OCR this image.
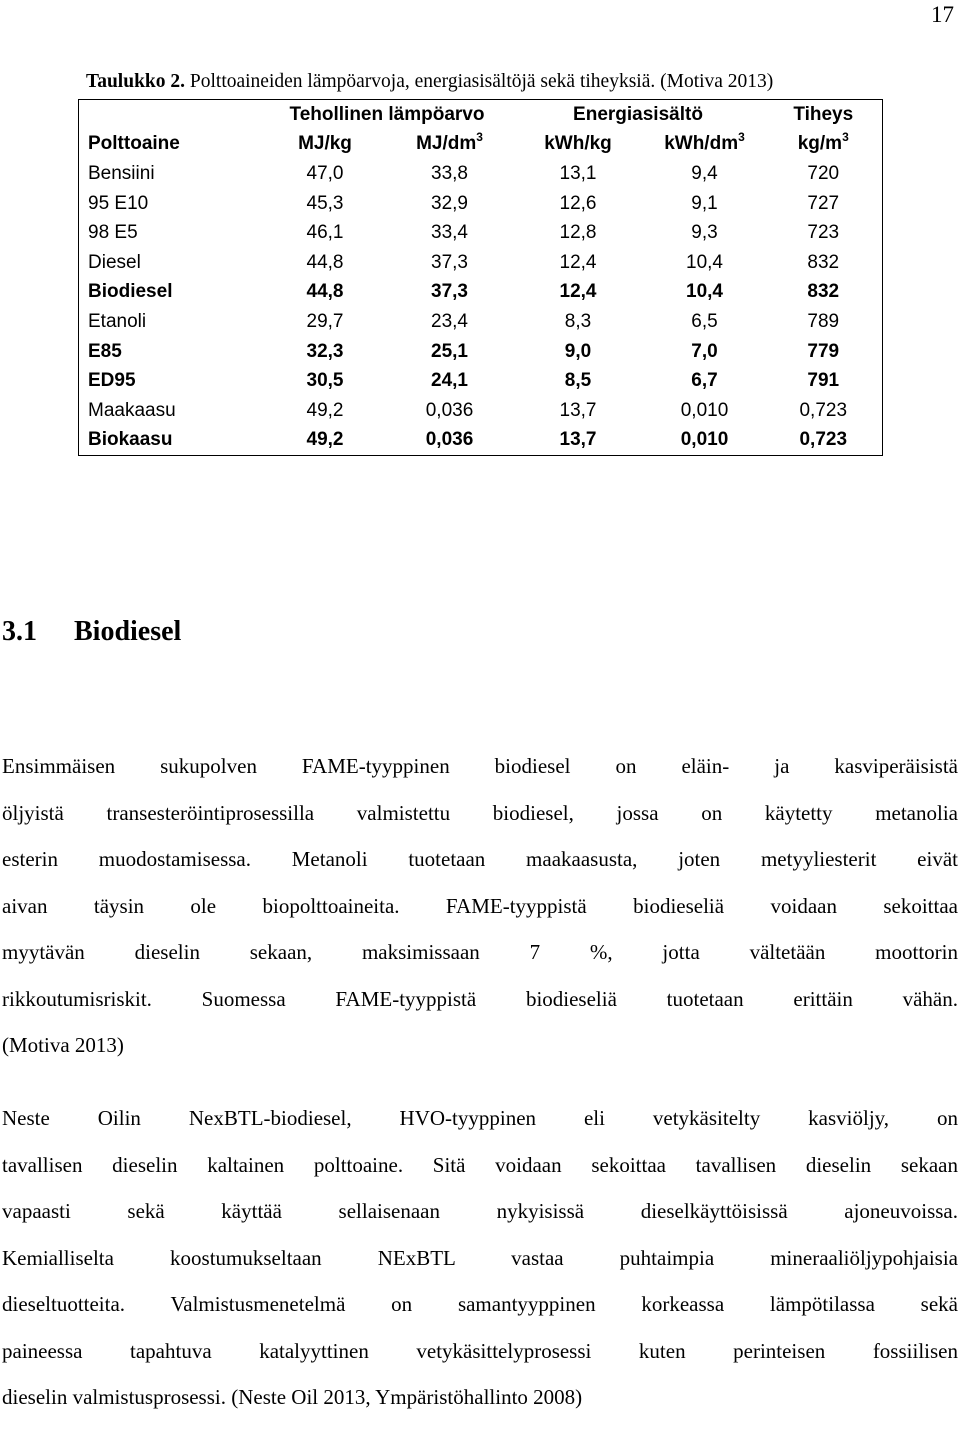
17
Taulukko 2. Polttoaineiden lämpöarvoja, energiasisältöjä sekä tiheyksiä. (Motiva 2013)
	Tehollinen lämpöarvo		Energiasisältö		Tiheys
Polttoaine	MJ/kg	$MJ/dm^3$	kWh/kg	kWh/$dm^3$	$kg/m^3$
Bensiini	47,0	33,8	13,1	9,4	720
95 E10	45,3	32,9	12,6	9,1	727
98 E5	46,1	33,4	12,8	9,3	723
Diesel	44,8	37,3	12,4	10,4	832
Biodiesel	44,8	37,3	12,4	10,4	832
Etanoli	29,7	23,4	8,3	6,5	789
E85	32,3	25,1	9,0	7,0	779
ED95	30,5	24,1	8,5	6,7	791
Maakaasu	49,2	0,036	13,7	0,010	0,723
Biokaasu	49,2	0,036	13,7	0,010	0,723
3.1 Biodiesel
Ensimmäisen sukupolven FAME-tyyppinen biodiesel on eläin- ja kasviperäisistä
öljyistä transesteröintiprosessilla valmistettu biodiesel, jossa on käytetty metanolia
esterin muodostamisessa. Metanoli tuotetaan maakaasusta, joten metyyliesterit eivät
aivan täysin ole biopolttoaineita. FAME-tyyppistä biodieseliä voidaan sekoittaa
myytävän dieselin sekaan, maksimissaan 7 %, jotta vältetään moottorin
rikkoutumisriskit. Suomessa FAME-tyyppistä biodieseliä tuotetaan erittäin vähän.
(Motiva 2013)
Neste Oilin NexBTL-biodiesel, HVO-tyyppinen eli vetykäsitelty kasviöljy, on
tavallisen dieselin kaltainen polttoaine. Sitä voidaan sekoittaa tavallisen dieselin sekaan
vapaasti sekä käyttää sellaisenaan nykyisissä dieselkäyttöisissä ajoneuvoissa.
Kemialliselta koostumukseltaan NExBTL vastaa puhtaimpia mineraaliöljypohjaisia
dieseltuotteita. Valmistusmenetelmä on samantyyppinen korkeassa lämpötilassa sekä
paineessa tapahtuva katalyyttinen vetykäsittelyprosessi kuten perinteisen fossiilisen
dieselin valmistusprosessi. (Neste Oil 2013, Ympäristöhallinto 2008)
